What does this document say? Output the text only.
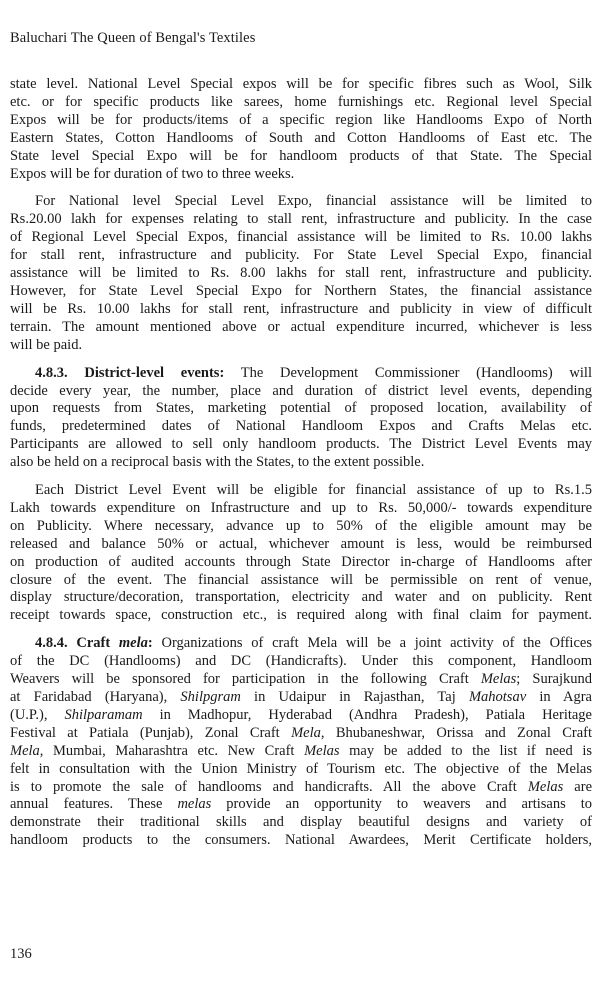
Baluchari The Queen of Bengal's Textiles

state level. National Level Special expos will be for specific fibres such as Wool, Silk
etc. or for specific products like sarees, home furnishings etc. Regional level Special
Expos will be for products/items of a specific region like Handlooms Expo of North
Eastern States, Cotton Handlooms of South and Cotton Handlooms of East etc. The
State level Special Expo will be for handloom products of that State. The Special
Expos will be for duration of two to three weeks.

For National level Special Level Expo, financial assistance will be limited to
Rs.20.00 lakh for expenses relating to stall rent, infrastructure and publicity. In the case
of Regional Level Special Expos, financial assistance will be limited to Rs. 10.00 lakhs
for stall rent, infrastructure and publicity. For State Level Special Expo, financial
assistance will be limited to Rs. 8.00 lakhs for stall rent, infrastructure and publicity.
However, for State Level Special Expo for Northern States, the financial assistance
will be Rs. 10.00 lakhs for stall rent, infrastructure and publicity in view of difficult
terrain. The amount mentioned above or actual expenditure incurred, whichever is less
will be paid.

4.8.3. District-level events: The Development Commissioner (Handlooms) will
decide every year, the number, place and duration of district level events, depending
upon requests from States, marketing potential of proposed location, availability of
funds, predetermined dates of National Handloom Expos and Crafts Melas etc.
Participants are allowed to sell only handloom products. The District Level Events may
also be held on a reciprocal basis with the States, to the extent possible.

Each District Level Event will be eligible for financial assistance of up to Rs.1.5
Lakh towards expenditure on Infrastructure and up to Rs. 50,000/- towards expenditure
on Publicity. Where necessary, advance up to 50% of the eligible amount may be
released and balance 50% or actual, whichever amount is less, would be reimbursed
on production of audited accounts through State Director in-charge of Handlooms after
closure of the event. The financial assistance will be permissible on rent of venue,
display structure/decoration, transportation, electricity and water and on publicity. Rent
receipt towards space, construction etc., is required along with final claim for payment.

4.8.4. Craft mela: Organizations of craft Mela will be a joint activity of the Offices
of the DC (Handlooms) and DC (Handicrafts). Under this component, Handloom
Weavers will be sponsored for participation in the following Craft Melas; Surajkund
at Faridabad (Haryana), Shilpgram in Udaipur in Rajasthan, Taj Mahotsav in Agra
(U.P.), Shilparamam in Madhopur, Hyderabad (Andhra Pradesh), Patiala Heritage
Festival at Patiala (Punjab), Zonal Craft Mela, Bhubaneshwar, Orissa and Zonal Craft
Mela, Mumbai, Maharashtra etc. New Craft Melas may be added to the list if need is
felt in consultation with the Union Ministry of Tourism etc. The objective of the Melas
is to promote the sale of handlooms and handicrafts. All the above Craft Melas are
annual features. These melas provide an opportunity to weavers and artisans to
demonstrate their traditional skills and display beautiful designs and variety of
handloom products to the consumers. National Awardees, Merit Certificate holders,

136
